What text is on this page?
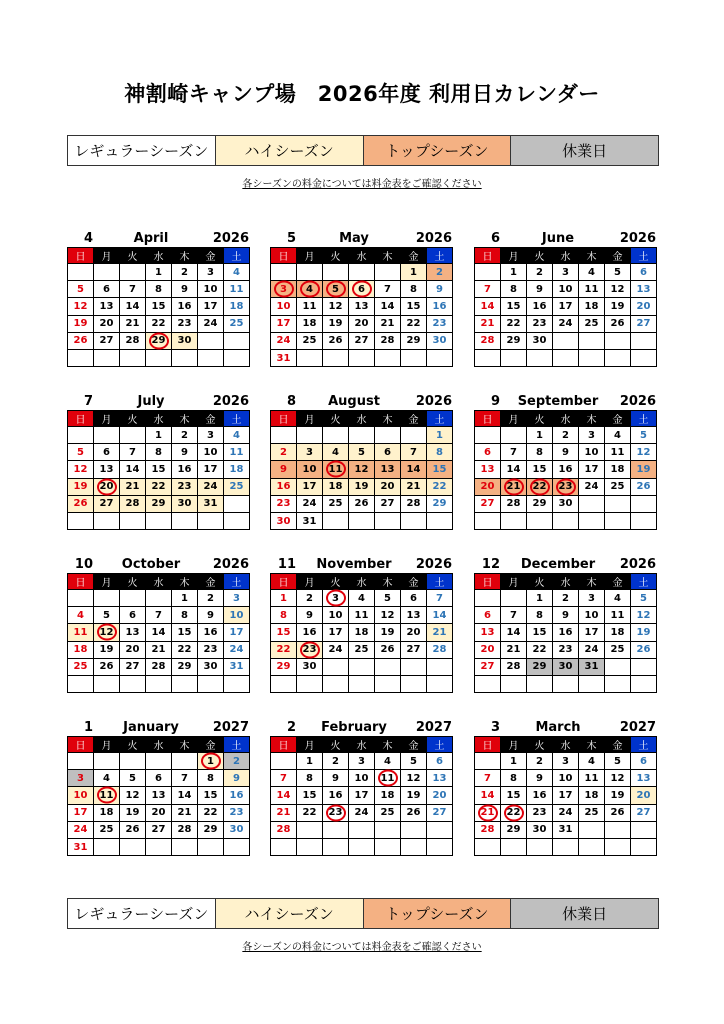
神割崎キャンプ場　2026年度 利用日カレンダー
レギュラーシーズン	ハイシーズン	トップシーズン	休業日
各シーズンの料金については料金表をご確認ください
4	April	2026
日	月	火	水	木	金	土
			1	2	3	4
5	6	7	8	9	10	11
12	13	14	15	16	17	18
19	20	21	22	23	24	25
26	27	28	29	30		

5	May	2026
日	月	火	水	木	金	土
					1	2
3	4	5	6	7	8	9
10	11	12	13	14	15	16
17	18	19	20	21	22	23
24	25	26	27	28	29	30
31						
6	June	2026
日	月	火	水	木	金	土
	1	2	3	4	5	6
7	8	9	10	11	12	13
14	15	16	17	18	19	20
21	22	23	24	25	26	27
28	29	30				

7	July	2026
日	月	火	水	木	金	土
			1	2	3	4
5	6	7	8	9	10	11
12	13	14	15	16	17	18
19	20	21	22	23	24	25
26	27	28	29	30	31	

8	August	2026
日	月	火	水	木	金	土
						1
2	3	4	5	6	7	8
9	10	11	12	13	14	15
16	17	18	19	20	21	22
23	24	25	26	27	28	29
30	31					
9	September	2026
日	月	火	水	木	金	土
		1	2	3	4	5
6	7	8	9	10	11	12
13	14	15	16	17	18	19
20	21	22	23	24	25	26
27	28	29	30			

10	October	2026
日	月	火	水	木	金	土
				1	2	3
4	5	6	7	8	9	10
11	12	13	14	15	16	17
18	19	20	21	22	23	24
25	26	27	28	29	30	31

11	November	2026
日	月	火	水	木	金	土
1	2	3	4	5	6	7
8	9	10	11	12	13	14
15	16	17	18	19	20	21
22	23	24	25	26	27	28
29	30					

12	December	2026
日	月	火	水	木	金	土
		1	2	3	4	5
6	7	8	9	10	11	12
13	14	15	16	17	18	19
20	21	22	23	24	25	26
27	28	29	30	31		

1	January	2027
日	月	火	水	木	金	土
					1	2
3	4	5	6	7	8	9
10	11	12	13	14	15	16
17	18	19	20	21	22	23
24	25	26	27	28	29	30
31						
2	February	2027
日	月	火	水	木	金	土
	1	2	3	4	5	6
7	8	9	10	11	12	13
14	15	16	17	18	19	20
21	22	23	24	25	26	27
28						

3	March	2027
日	月	火	水	木	金	土
	1	2	3	4	5	6
7	8	9	10	11	12	13
14	15	16	17	18	19	20
21	22	23	24	25	26	27
28	29	30	31			

レギュラーシーズン	ハイシーズン	トップシーズン	休業日
各シーズンの料金については料金表をご確認ください
